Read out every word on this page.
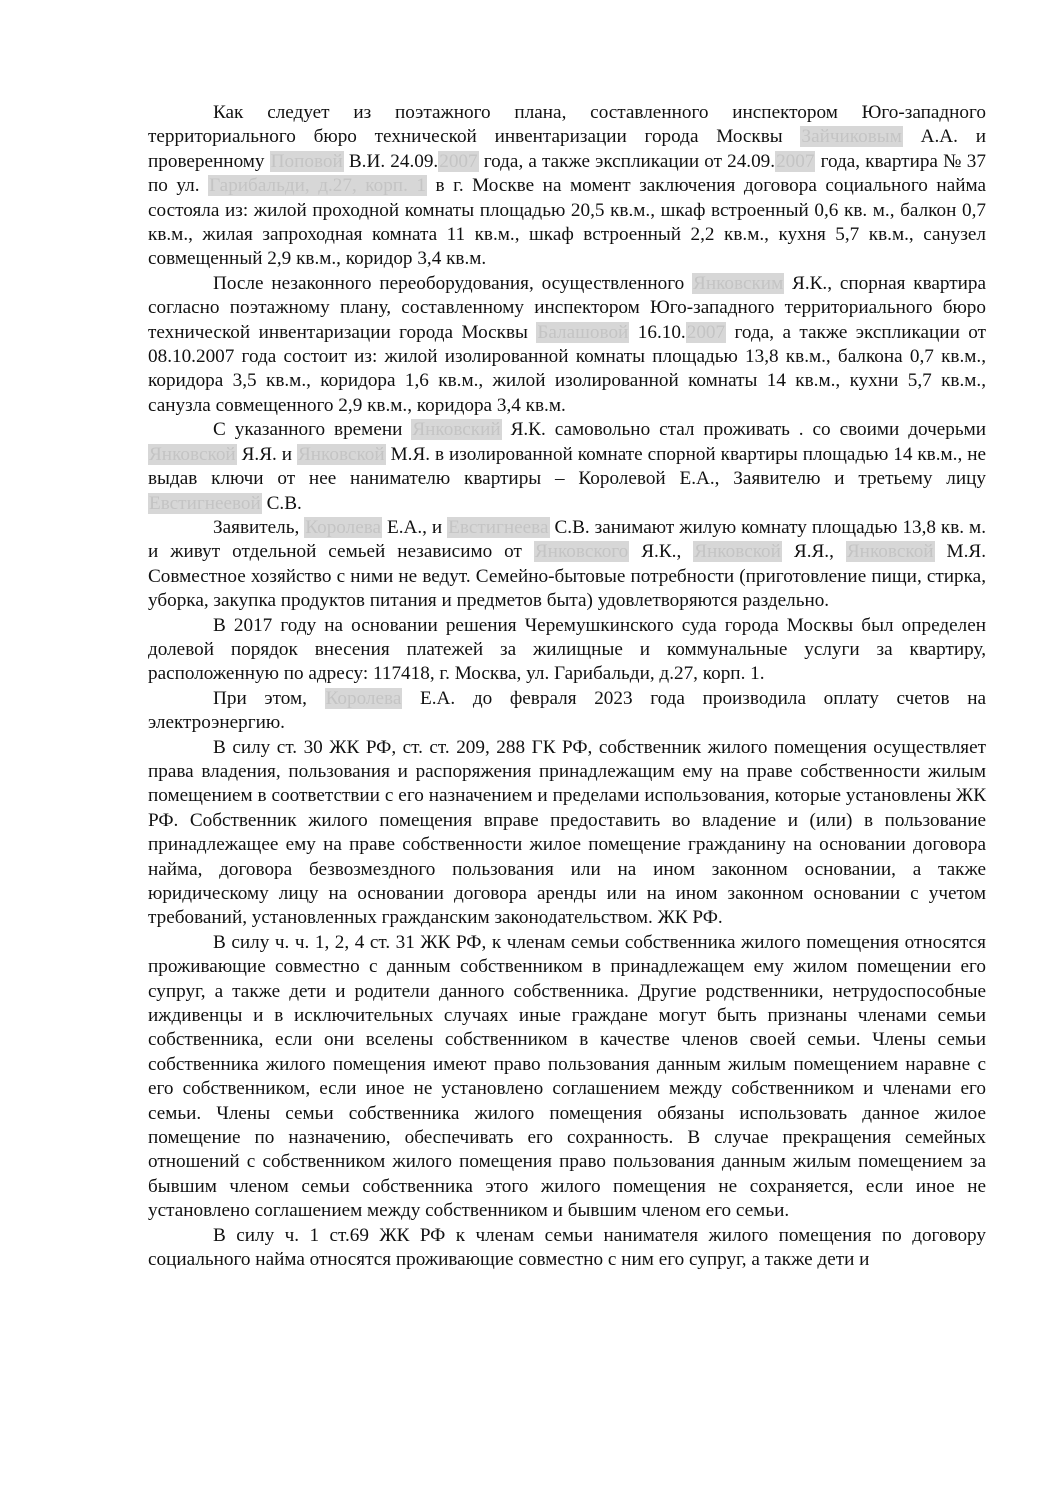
Как следует из поэтажного плана, составленного инспектором Юго-западного территориального бюро технической инвентаризации города Москвы Зайчиковым А.А. и проверенному Поповой В.И. 24.09.2007 года, а также экспликации от 24.09.2007 года, квартира № 37 по ул. Гарибальди, д.27, корп. 1 в г. Москве на момент заключения договора социального найма состояла из: жилой проходной комнаты площадью 20,5 кв.м., шкаф встроенный 0,6 кв. м., балкон 0,7 кв.м., жилая запроходная комната 11 кв.м., шкаф встроенный 2,2 кв.м., кухня 5,7 кв.м., санузел совмещенный 2,9 кв.м., коридор 3,4 кв.м.

После незаконного переоборудования, осуществленного Янковским Я.К., спорная квартира согласно поэтажному плану, составленному инспектором Юго-западного территориального бюро технической инвентаризации города Москвы Балашовой 16.10.2007 года, а также экспликации от 08.10.2007 года состоит из: жилой изолированной комнаты площадью 13,8 кв.м., балкона 0,7 кв.м., коридора 3,5 кв.м., коридора 1,6 кв.м., жилой изолированной комнаты 14 кв.м., кухни 5,7 кв.м., санузла совмещенного 2,9 кв.м., коридора 3,4 кв.м.

С указанного времени Янковский Я.К. самовольно стал проживать . со своими дочерьми Янковской Я.Я. и Янковской М.Я. в изолированной комнате спорной квартиры площадью 14 кв.м., не выдав ключи от нее нанимателю квартиры – Королевой Е.А., Заявителю и третьему лицу Евстигнеевой С.В.

Заявитель, Королева Е.А., и Евстигнеева С.В. занимают жилую комнату площадью 13,8 кв. м. и живут отдельной семьей независимо от Янковского Я.К., Янковской Я.Я., Янковской М.Я. Совместное хозяйство с ними не ведут. Семейно-бытовые потребности (приготовление пищи, стирка, уборка, закупка продуктов питания и предметов быта) удовлетворяются раздельно.

В 2017 году на основании решения Черемушкинского суда города Москвы был определен долевой порядок внесения платежей за жилищные и коммунальные услуги за квартиру, расположенную по адресу: 117418, г. Москва, ул. Гарибальди, д.27, корп. 1.

При этом, Королева Е.А. до февраля 2023 года производила оплату счетов на электроэнергию.

В силу ст. 30 ЖК РФ, ст. ст. 209, 288 ГК РФ, собственник жилого помещения осуществляет права владения, пользования и распоряжения принадлежащим ему на праве собственности жилым помещением в соответствии с его назначением и пределами использования, которые установлены ЖК РФ. Собственник жилого помещения вправе предоставить во владение и (или) в пользование принадлежащее ему на праве собственности жилое помещение гражданину на основании договора найма, договора безвозмездного пользования или на ином законном основании, а также юридическому лицу на основании договора аренды или на ином законном основании с учетом требований, установленных гражданским законодательством. ЖК РФ.

В силу ч. ч. 1, 2, 4 ст. 31 ЖК РФ, к членам семьи собственника жилого помещения относятся проживающие совместно с данным собственником в принадлежащем ему жилом помещении его супруг, а также дети и родители данного собственника. Другие родственники, нетрудоспособные иждивенцы и в исключительных случаях иные граждане могут быть признаны членами семьи собственника, если они вселены собственником в качестве членов своей семьи. Члены семьи собственника жилого помещения имеют право пользования данным жилым помещением наравне с его собственником, если иное не установлено соглашением между собственником и членами его семьи. Члены семьи собственника жилого помещения обязаны использовать данное жилое помещение по назначению, обеспечивать его сохранность. В случае прекращения семейных отношений с собственником жилого помещения право пользования данным жилым помещением за бывшим членом семьи собственника этого жилого помещения не сохраняется, если иное не установлено соглашением между собственником и бывшим членом его семьи.

В силу ч. 1 ст.69 ЖК РФ к членам семьи нанимателя жилого помещения по договору социального найма относятся проживающие совместно с ним его супруг, а также дети и
